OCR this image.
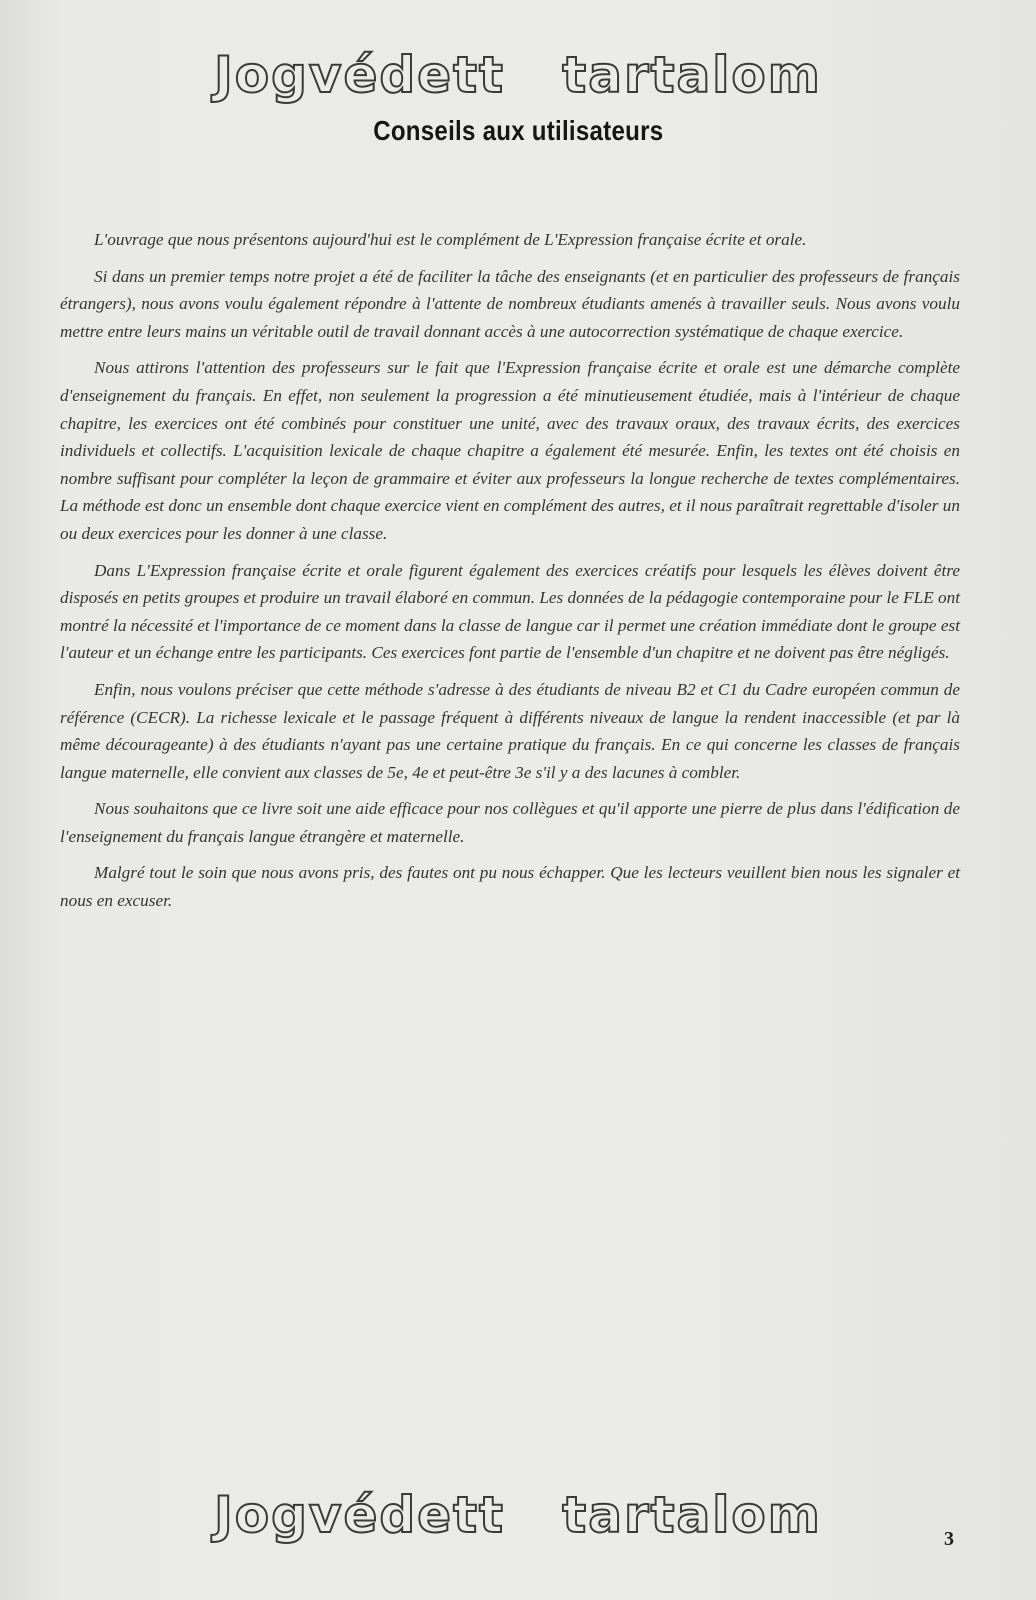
Jogvédett tartalom
Conseils aux utilisateurs

L'ouvrage que nous présentons aujourd'hui est le complément de L'Expression française écrite et orale.

Si dans un premier temps notre projet a été de faciliter la tâche des enseignants (et en particulier des professeurs de français étrangers), nous avons voulu également répondre à l'attente de nombreux étudiants amenés à travailler seuls. Nous avons voulu mettre entre leurs mains un véritable outil de travail donnant accès à une autocorrection systématique de chaque exercice.

Nous attirons l'attention des professeurs sur le fait que l'Expression française écrite et orale est une démarche complète d'enseignement du français. En effet, non seulement la progression a été minutieusement étudiée, mais à l'intérieur de chaque chapitre, les exercices ont été combinés pour constituer une unité, avec des travaux oraux, des travaux écrits, des exercices individuels et collectifs. L'acquisition lexicale de chaque chapitre a également été mesurée. Enfin, les textes ont été choisis en nombre suffisant pour compléter la leçon de grammaire et éviter aux professeurs la longue recherche de textes complémentaires. La méthode est donc un ensemble dont chaque exercice vient en complément des autres, et il nous paraîtrait regrettable d'isoler un ou deux exercices pour les donner à une classe.

Dans L'Expression française écrite et orale figurent également des exercices créatifs pour lesquels les élèves doivent être disposés en petits groupes et produire un travail élaboré en commun. Les données de la pédagogie contemporaine pour le FLE ont montré la nécessité et l'importance de ce moment dans la classe de langue car il permet une création immédiate dont le groupe est l'auteur et un échange entre les participants. Ces exercices font partie de l'ensemble d'un chapitre et ne doivent pas être négligés.

Enfin, nous voulons préciser que cette méthode s'adresse à des étudiants de niveau B2 et C1 du Cadre européen commun de référence (CECR). La richesse lexicale et le passage fréquent à différents niveaux de langue la rendent inaccessible (et par là même décourageante) à des étudiants n'ayant pas une certaine pratique du français. En ce qui concerne les classes de français langue maternelle, elle convient aux classes de 5e, 4e et peut-être 3e s'il y a des lacunes à combler.

Nous souhaitons que ce livre soit une aide efficace pour nos collègues et qu'il apporte une pierre de plus dans l'édification de l'enseignement du français langue étrangère et maternelle.

Malgré tout le soin que nous avons pris, des fautes ont pu nous échapper. Que les lecteurs veuillent bien nous les signaler et nous en excuser.

Jogvédett tartalom	3
